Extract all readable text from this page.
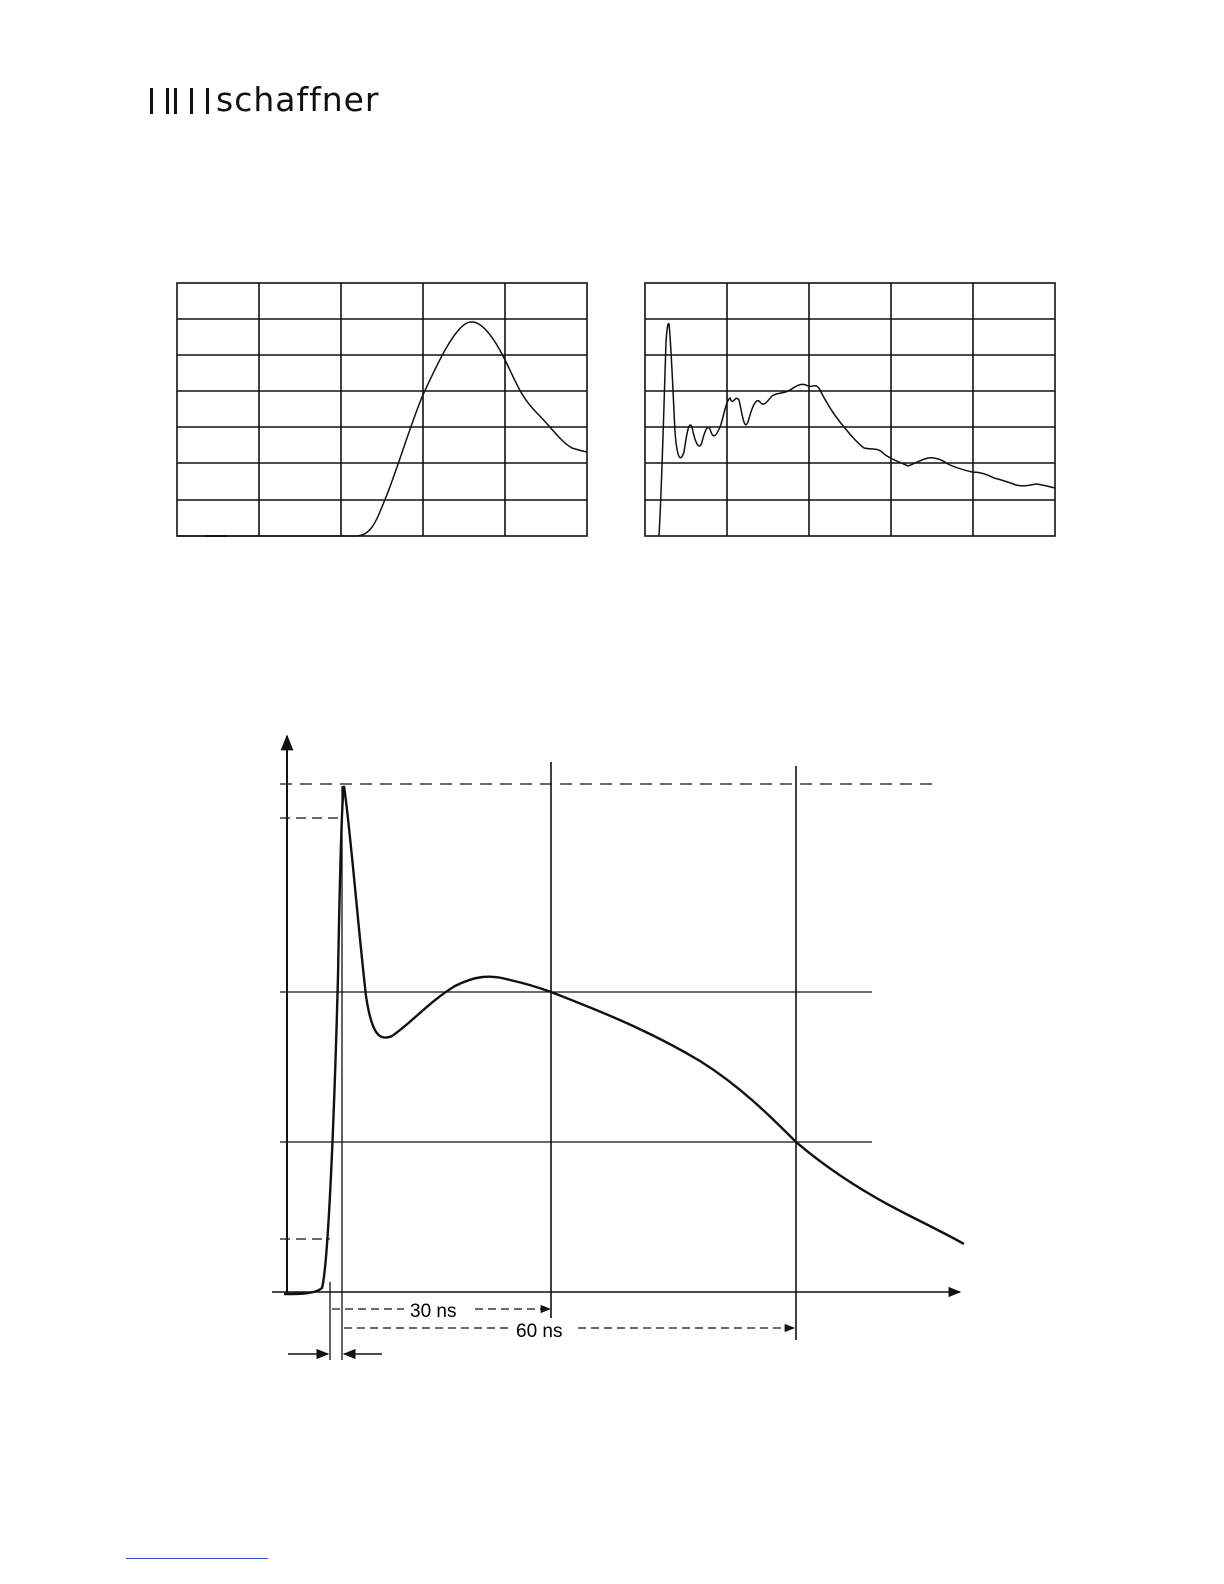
schaffner
30 ns
60 ns
